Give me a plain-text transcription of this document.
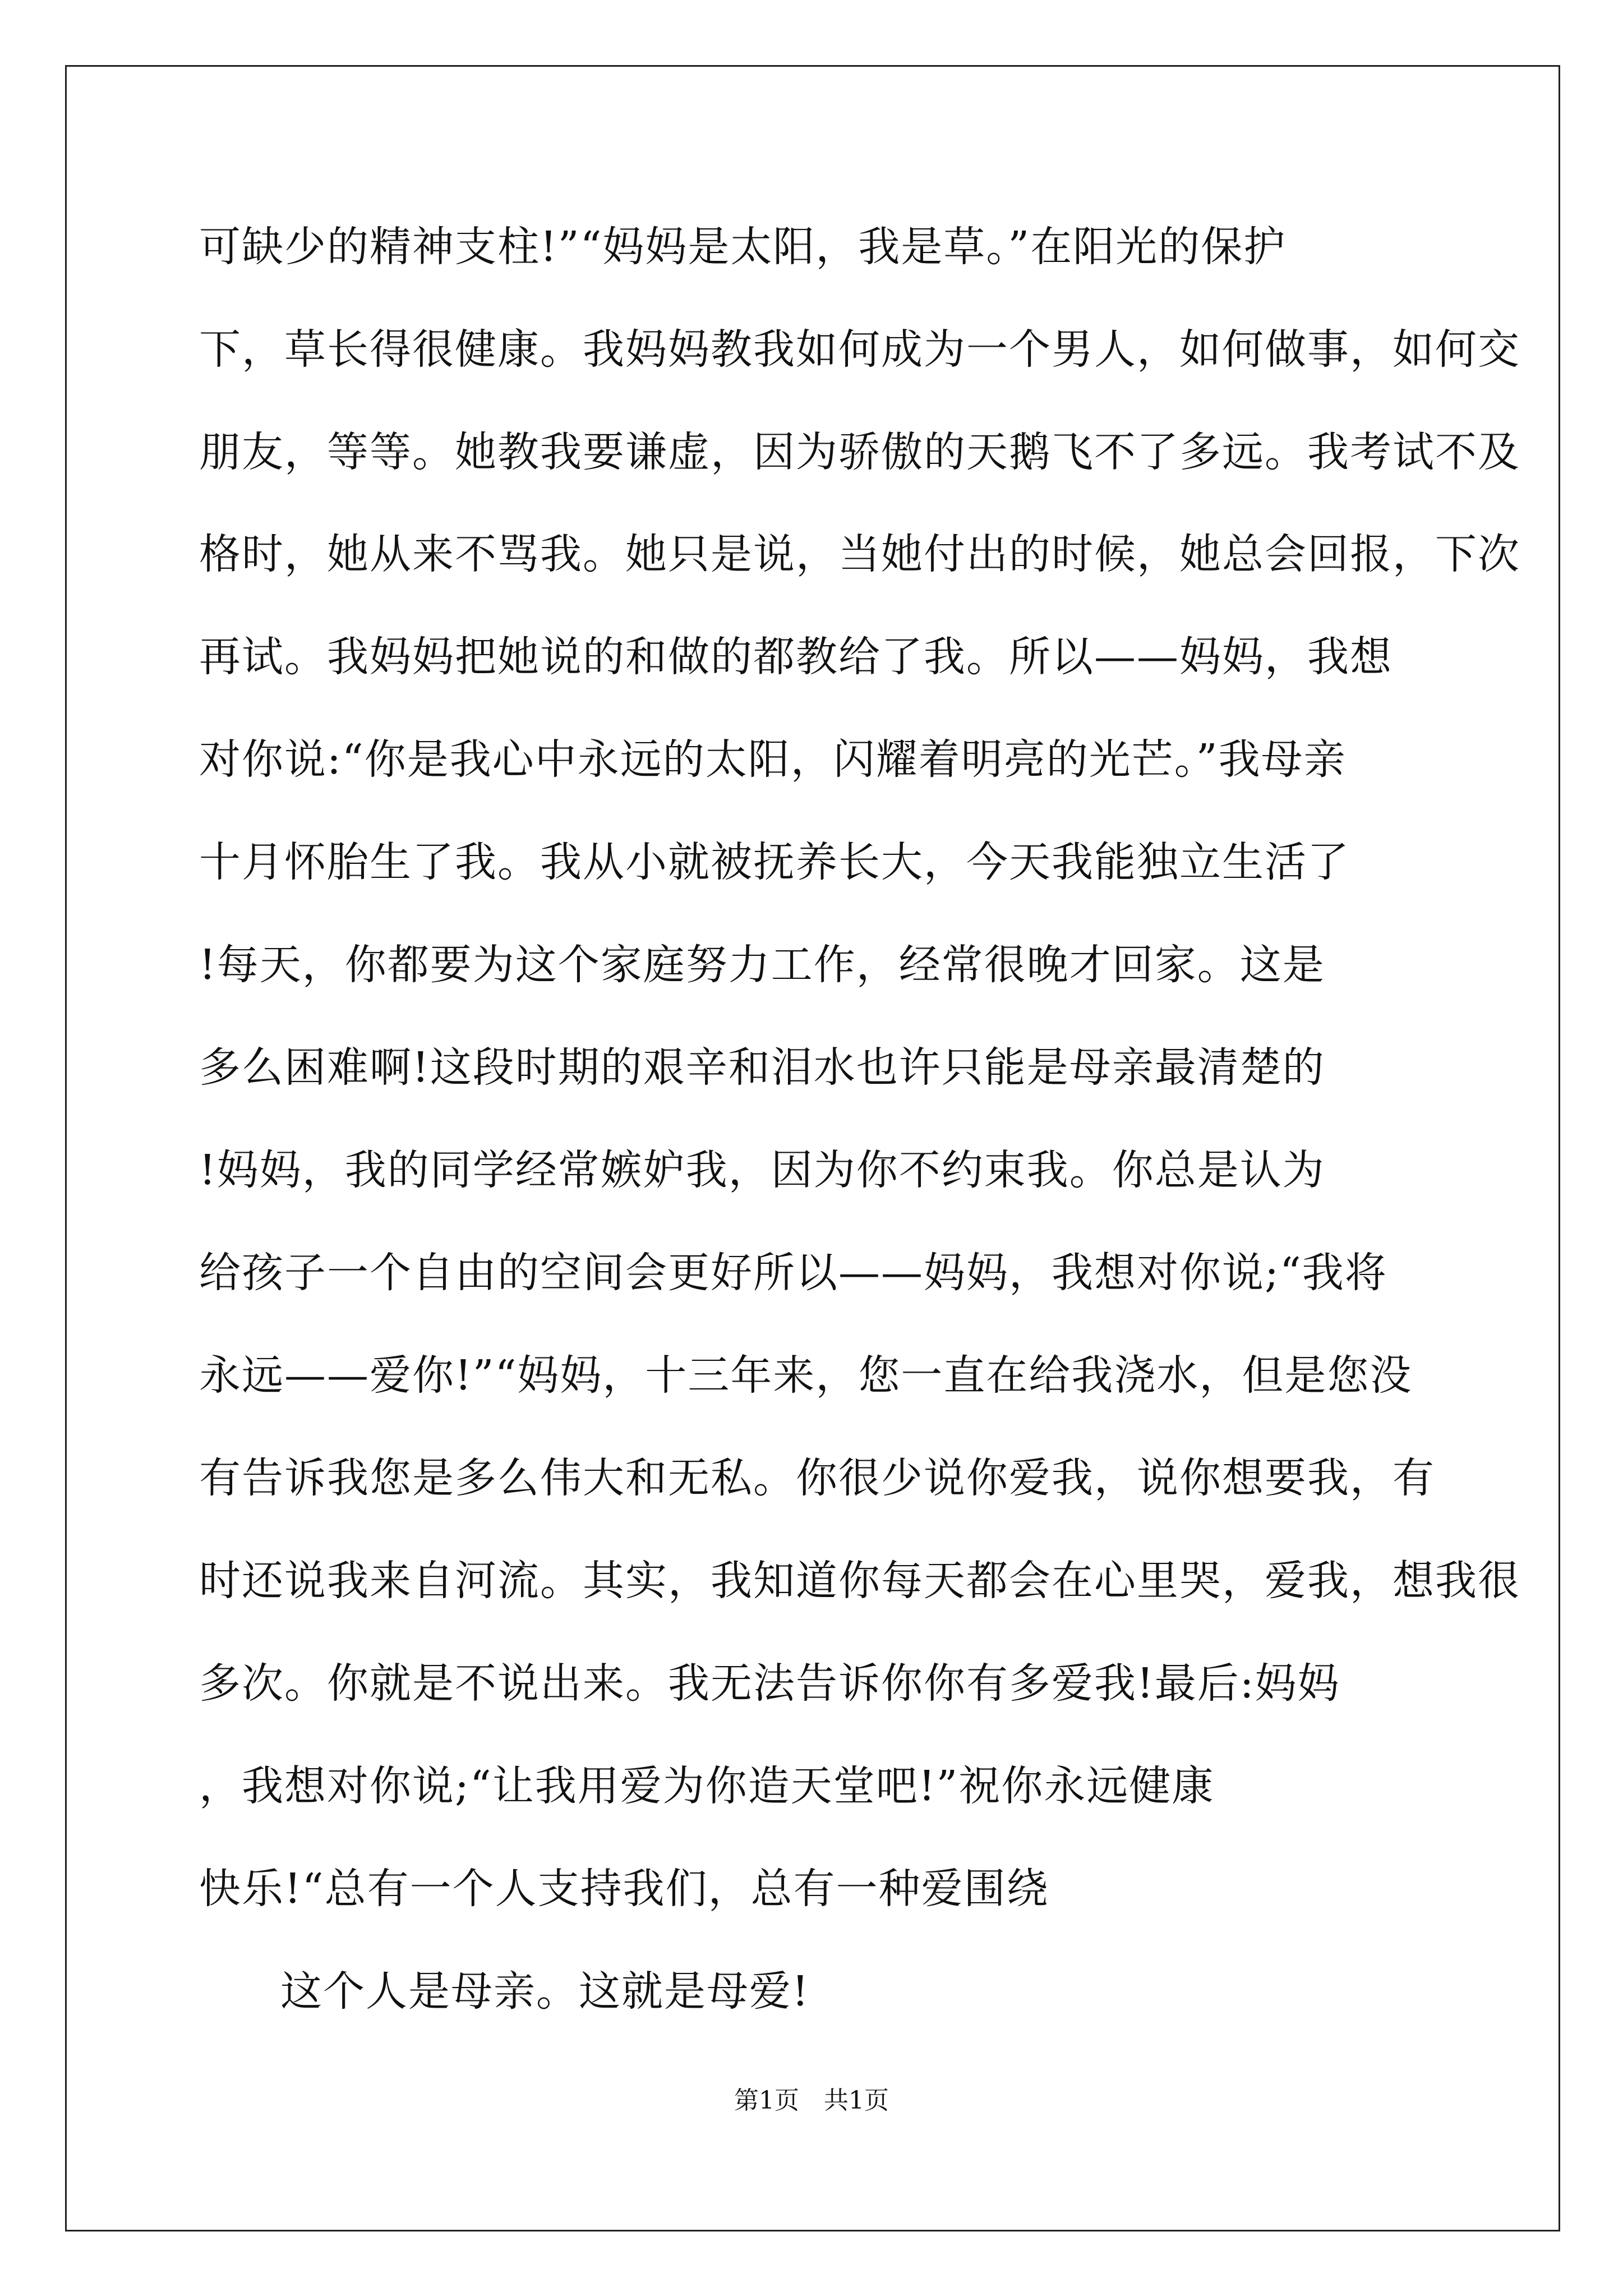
可缺少的精神支柱!”“妈妈是太阳，我是草。”在阳光的保护
下，草长得很健康。我妈妈教我如何成为一个男人，如何做事，如何交
朋友，等等。她教我要谦虚，因为骄傲的天鹅飞不了多远。我考试不及
格时，她从来不骂我。她只是说，当她付出的时候，她总会回报，下次
再试。我妈妈把她说的和做的都教给了我。所以——妈妈，我想
对你说:“你是我心中永远的太阳，闪耀着明亮的光芒。”我母亲
十月怀胎生了我。我从小就被抚养长大，今天我能独立生活了
!每天，你都要为这个家庭努力工作，经常很晚才回家。这是
多么困难啊!这段时期的艰辛和泪水也许只能是母亲最清楚的
!妈妈，我的同学经常嫉妒我，因为你不约束我。你总是认为
给孩子一个自由的空间会更好所以——妈妈，我想对你说;“我将
永远——爱你!”“妈妈，十三年来，您一直在给我浇水，但是您没
有告诉我您是多么伟大和无私。你很少说你爱我，说你想要我，有
时还说我来自河流。其实，我知道你每天都会在心里哭，爱我，想我很
多次。你就是不说出来。我无法告诉你你有多爱我!最后:妈妈
，我想对你说;“让我用爱为你造天堂吧!”祝你永远健康
快乐!“总有一个人支持我们，总有一种爱围绕
这个人是母亲。这就是母爱!
第1页　共1页
